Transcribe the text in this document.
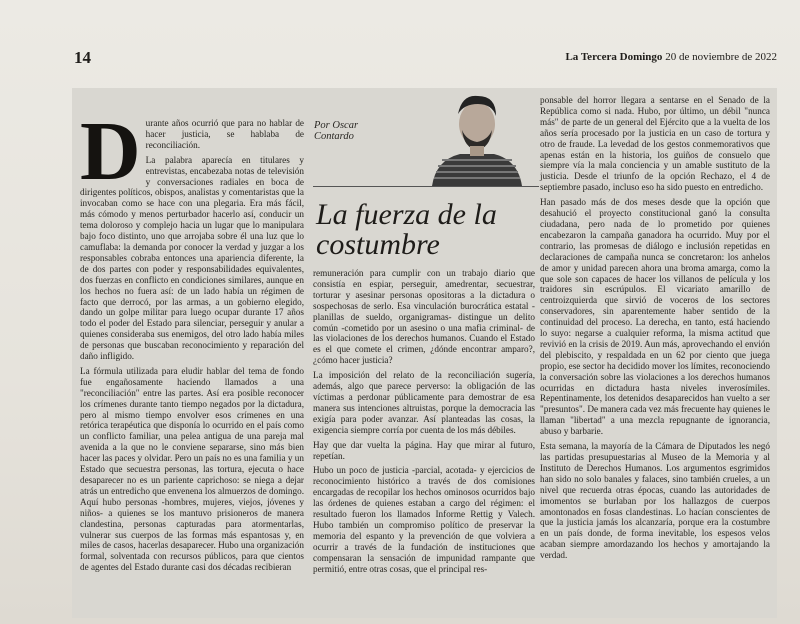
14	La Tercera Domingo 20 de noviembre de 2022
Por Oscar
Contardo
La fuerza de la
costumbre
D urante años ocurrió que para no hablar de hacer justicia, se hablaba de reconciliación.

La palabra aparecía en titulares y entrevistas, encabezaba notas de televisión y conversaciones radiales en boca de dirigentes políticos, obispos, analistas y comentaristas que la invocaban como se hace con una plegaria. Era más fácil, más cómodo y menos perturbador hacerlo así, conducir un tema doloroso y complejo hacia un lugar que lo manipulara bajo foco distinto, uno que arrojaba sobre él una luz que lo camuflaba: la demanda por conocer la verdad y juzgar a los responsables cobraba entonces una apariencia diferente, la de dos partes con poder y responsabilidades equivalentes, dos fuerzas en conflicto en condiciones similares, aunque en los hechos no fuera así: de un lado había un régimen de facto que derrocó, por las armas, a un gobierno elegido, dando un golpe militar para luego ocupar durante 17 años todo el poder del Estado para silenciar, perseguir y anular a quienes consideraba sus enemigos, del otro lado había miles de personas que buscaban reconocimiento y reparación del daño infligido.

La fórmula utilizada para eludir hablar del tema de fondo fue engañosamente haciendo llamados a una "reconciliación" entre las partes. Así era posible reconocer los crímenes durante tanto tiempo negados por la dictadura, pero al mismo tiempo envolver esos crímenes en una retórica terapéutica que disponía lo ocurrido en el país como un conflicto familiar, una pelea antigua de una pareja mal avenida a la que no le conviene separarse, sino más bien hacer las paces y olvidar. Pero un país no es una familia y un Estado que secuestra personas, las tortura, ejecuta o hace desaparecer no es un pariente caprichoso: se niega a dejar atrás un entredicho que envenena los almuerzos de domingo. Aquí hubo personas -hombres, mujeres, viejos, jóvenes y niños- a quienes se los mantuvo prisioneros de manera clandestina, personas capturadas para atormentarlas, vulnerar sus cuerpos de las formas más espantosas y, en miles de casos, hacerlas desaparecer. Hubo una organización formal, solventada con recursos públicos, para que cientos de agentes del Estado durante casi dos décadas recibieran

remuneración para cumplir con un trabajo diario que consistía en espiar, perseguir, amedrentar, secuestrar, torturar y asesinar personas opositoras a la dictadura o sospechosas de serlo. Esa vinculación burocrática estatal -planillas de sueldo, organigramas- distingue un delito común -cometido por un asesino o una mafia criminal- de las violaciones de los derechos humanos. Cuando el Estado es el que comete el crimen, ¿dónde encontrar amparo?, ¿cómo hacer justicia?

La imposición del relato de la reconciliación sugería, además, algo que parece perverso: la obligación de las víctimas a perdonar públicamente para demostrar de esa manera sus intenciones altruistas, porque la democracia las exigía para poder avanzar. Así planteadas las cosas, la exigencia siempre corría por cuenta de los más débiles.

Hay que dar vuelta la página. Hay que mirar al futuro, repetían.

Hubo un poco de justicia -parcial, acotada- y ejercicios de reconocimiento histórico a través de dos comisiones encargadas de recopilar los hechos ominosos ocurridos bajo las órdenes de quienes estaban a cargo del régimen: el resultado fueron los llamados Informe Rettig y Valech. Hubo también un compromiso político de preservar la memoria del espanto y la prevención de que volviera a ocurrir a través de la fundación de instituciones que compensaran la sensación de impunidad rampante que permitió, entre otras cosas, que el principal res-

ponsable del horror llegara a sentarse en el Senado de la República como si nada. Hubo, por último, un débil "nunca más" de parte de un general del Ejército que a la vuelta de los años sería procesado por la justicia en un caso de tortura y otro de fraude. La levedad de los gestos conmemorativos que apenas están en la historia, los guiños de consuelo que siempre vía la mala conciencia y un amable sustituto de la justicia. Desde el triunfo de la opción Rechazo, el 4 de septiembre pasado, incluso eso ha sido puesto en entredicho.

Han pasado más de dos meses desde que la opción que desahució el proyecto constitucional ganó la consulta ciudadana, pero nada de lo prometido por quienes encabezaron la campaña ganadora ha ocurrido. Muy por el contrario, las promesas de diálogo e inclusión repetidas en declaraciones de campaña nunca se concretaron: los anhelos de amor y unidad parecen ahora una broma amarga, como la que sole son capaces de hacer los villanos de película y los traidores sin escrúpulos. El vicariato amarillo de centroizquierda que sirvió de voceros de los sectores conservadores, sin aparentemente haber sentido de la continuidad del proceso. La derecha, en tanto, está haciendo lo suyo: negarse a cualquier reforma, la misma actitud que revivió en la crisis de 2019. Aun más, aprovechando el envión del plebiscito, y respaldada en un 62 por ciento que juega propio, ese sector ha decidido mover los límites, reconociendo la conversación sobre las violaciones a los derechos humanos ocurridas en dictadura hasta niveles inverosímiles. Repentinamente, los detenidos desaparecidos han vuelto a ser "presuntos". De manera cada vez más frecuente hay quienes le llaman "libertad" a una mezcla repugnante de ignorancia, abuso y barbarie.

Esta semana, la mayoría de la Cámara de Diputados les negó las partidas presupuestarias al Museo de la Memoria y al Instituto de Derechos Humanos. Los argumentos esgrimidos han sido no solo banales y falaces, sino también crueles, a un nivel que recuerda otras épocas, cuando las autoridades de imomentos se burlaban por los hallazgos de cuerpos amontonados en fosas clandestinas. Lo hacían conscientes de que la justicia jamás los alcanzaría, porque era la costumbre en un país donde, de forma inevitable, los espesos velos acaban siempre amordazando los hechos y amortajando la verdad.
